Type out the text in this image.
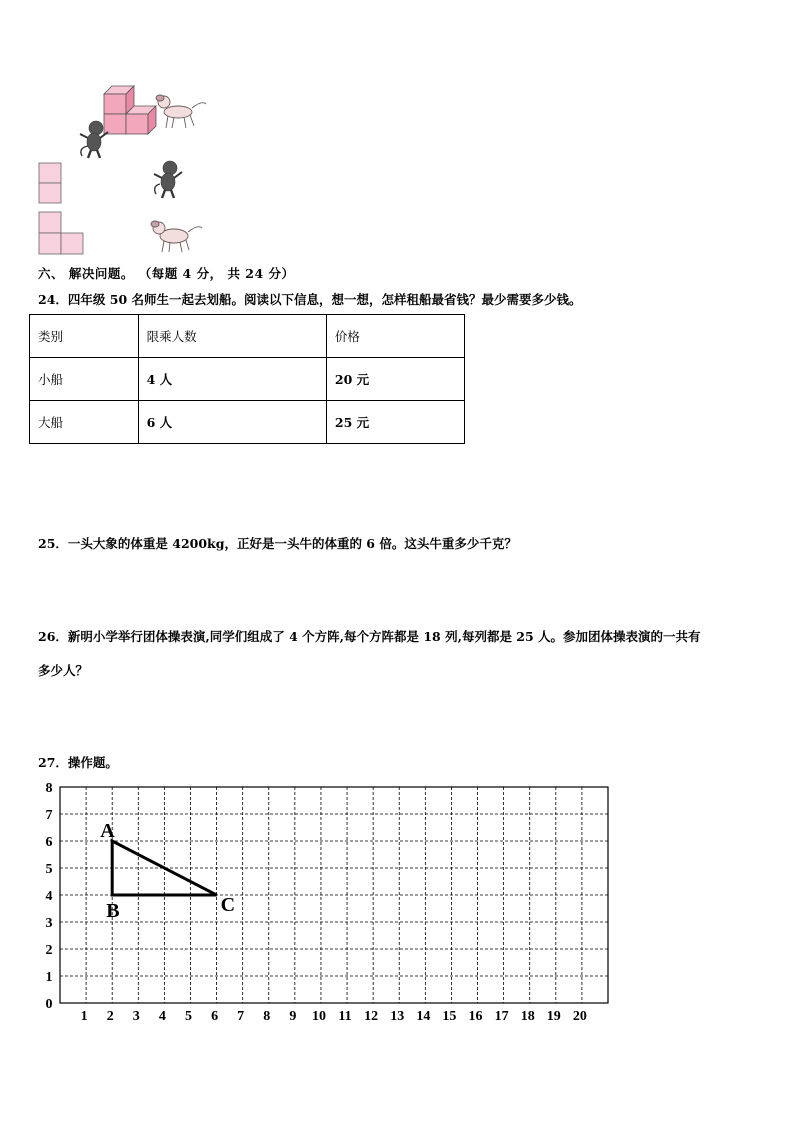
六、 解决问题。 （每题 4 分， 共 24 分）
24．四年级 50 名师生一起去划船。阅读以下信息，想一想，怎样租船最省钱？最少需要多少钱。
类别	限乘人数	价格
小船	4 人	20 元
大船	6 人	25 元
25．一头大象的体重是 4200kg，正好是一头牛的体重的 6 倍。这头牛重多少千克？
26．新明小学举行团体操表演,同学们组成了 4 个方阵,每个方阵都是 18 列,每列都是 25 人。参加团体操表演的一共有
多少人？
27．操作题。
0
1
2
3
4
5
6
7
8
1 2 3 4 5 6 7 8 9 10 11 12 13 14 15 16 17 18 19 20
A
B	C
